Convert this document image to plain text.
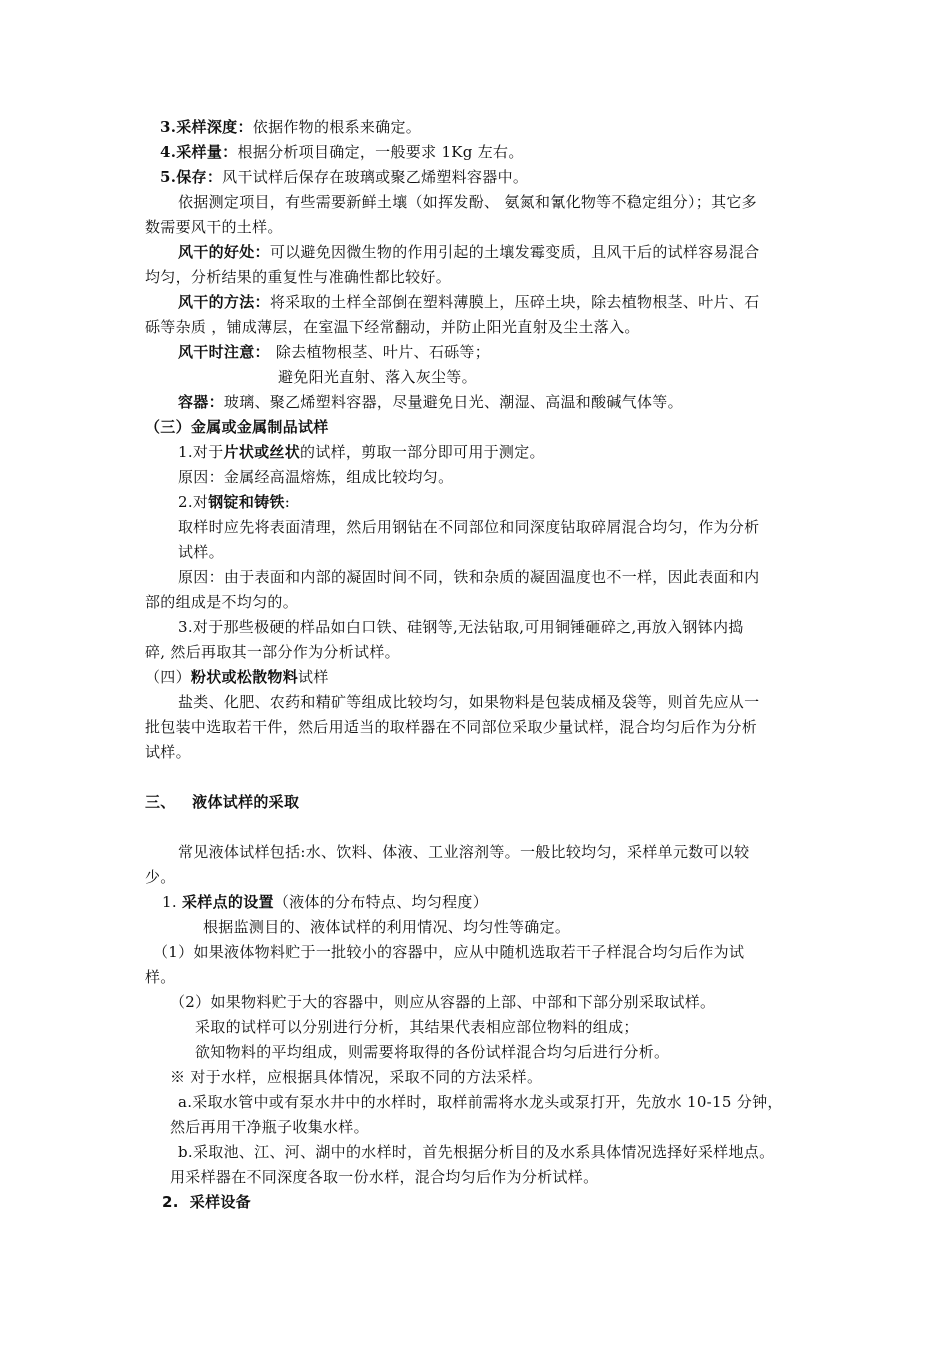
3.采样深度：依据作物的根系来确定。
4.采样量：根据分析项目确定，一般要求 1Kg 左右。
5.保存：风干试样后保存在玻璃或聚乙烯塑料容器中。
依据测定项目，有些需要新鲜土壤（如挥发酚、 氨氮和氰化物等不稳定组分）；其它多
数需要风干的土样。
风干的好处：可以避免因微生物的作用引起的土壤发霉变质，且风干后的试样容易混合
均匀，分析结果的重复性与准确性都比较好。
风干的方法：将采取的土样全部倒在塑料薄膜上，压碎土块，除去植物根茎、叶片、石
砾等杂质 ，铺成薄层，在室温下经常翻动，并防止阳光直射及尘土落入。
风干时注意： 除去植物根茎、叶片、石砾等；
避免阳光直射、落入灰尘等。
容器：玻璃、聚乙烯塑料容器，尽量避免日光、潮湿、高温和酸碱气体等。
（三）金属或金属制品试样
1.对于片状或丝状的试样，剪取一部分即可用于测定。
原因：金属经高温熔炼，组成比较均匀。
2.对钢锭和铸铁:
取样时应先将表面清理，然后用钢钻在不同部位和同深度钻取碎屑混合均匀，作为分析
试样。
原因：由于表面和内部的凝固时间不同，铁和杂质的凝固温度也不一样，因此表面和内
部的组成是不均匀的。
3.对于那些极硬的样品如白口铁、硅钢等,无法钻取,可用铜锤砸碎之,再放入钢钵内捣
碎, 然后再取其一部分作为分析试样。
（四）粉状或松散物料试样
盐类、化肥、农药和精矿等组成比较均匀，如果物料是包装成桶及袋等，则首先应从一
批包装中选取若干件，然后用适当的取样器在不同部位采取少量试样，混合均匀后作为分析
试样。
三、   液体试样的采取
常见液体试样包括:水、饮料、体液、工业溶剂等。一般比较均匀，采样单元数可以较
少。
1. 采样点的设置（液体的分布特点、均匀程度）
根据监测目的、液体试样的利用情况、均匀性等确定。
（1）如果液体物料贮于一批较小的容器中，应从中随机选取若干子样混合均匀后作为试
样。
（2）如果物料贮于大的容器中，则应从容器的上部、中部和下部分别采取试样。
采取的试样可以分别进行分析，其结果代表相应部位物料的组成；
欲知物料的平均组成，则需要将取得的各份试样混合均匀后进行分析。
※ 对于水样，应根据具体情况，采取不同的方法采样。
a.采取水管中或有泵水井中的水样时，取样前需将水龙头或泵打开，先放水 10-15 分钟，
然后再用干净瓶子收集水样。
b.采取池、江、河、湖中的水样时，首先根据分析目的及水系具体情况选择好采样地点。
用采样器在不同深度各取一份水样，混合均匀后作为分析试样。
2.  采样设备
